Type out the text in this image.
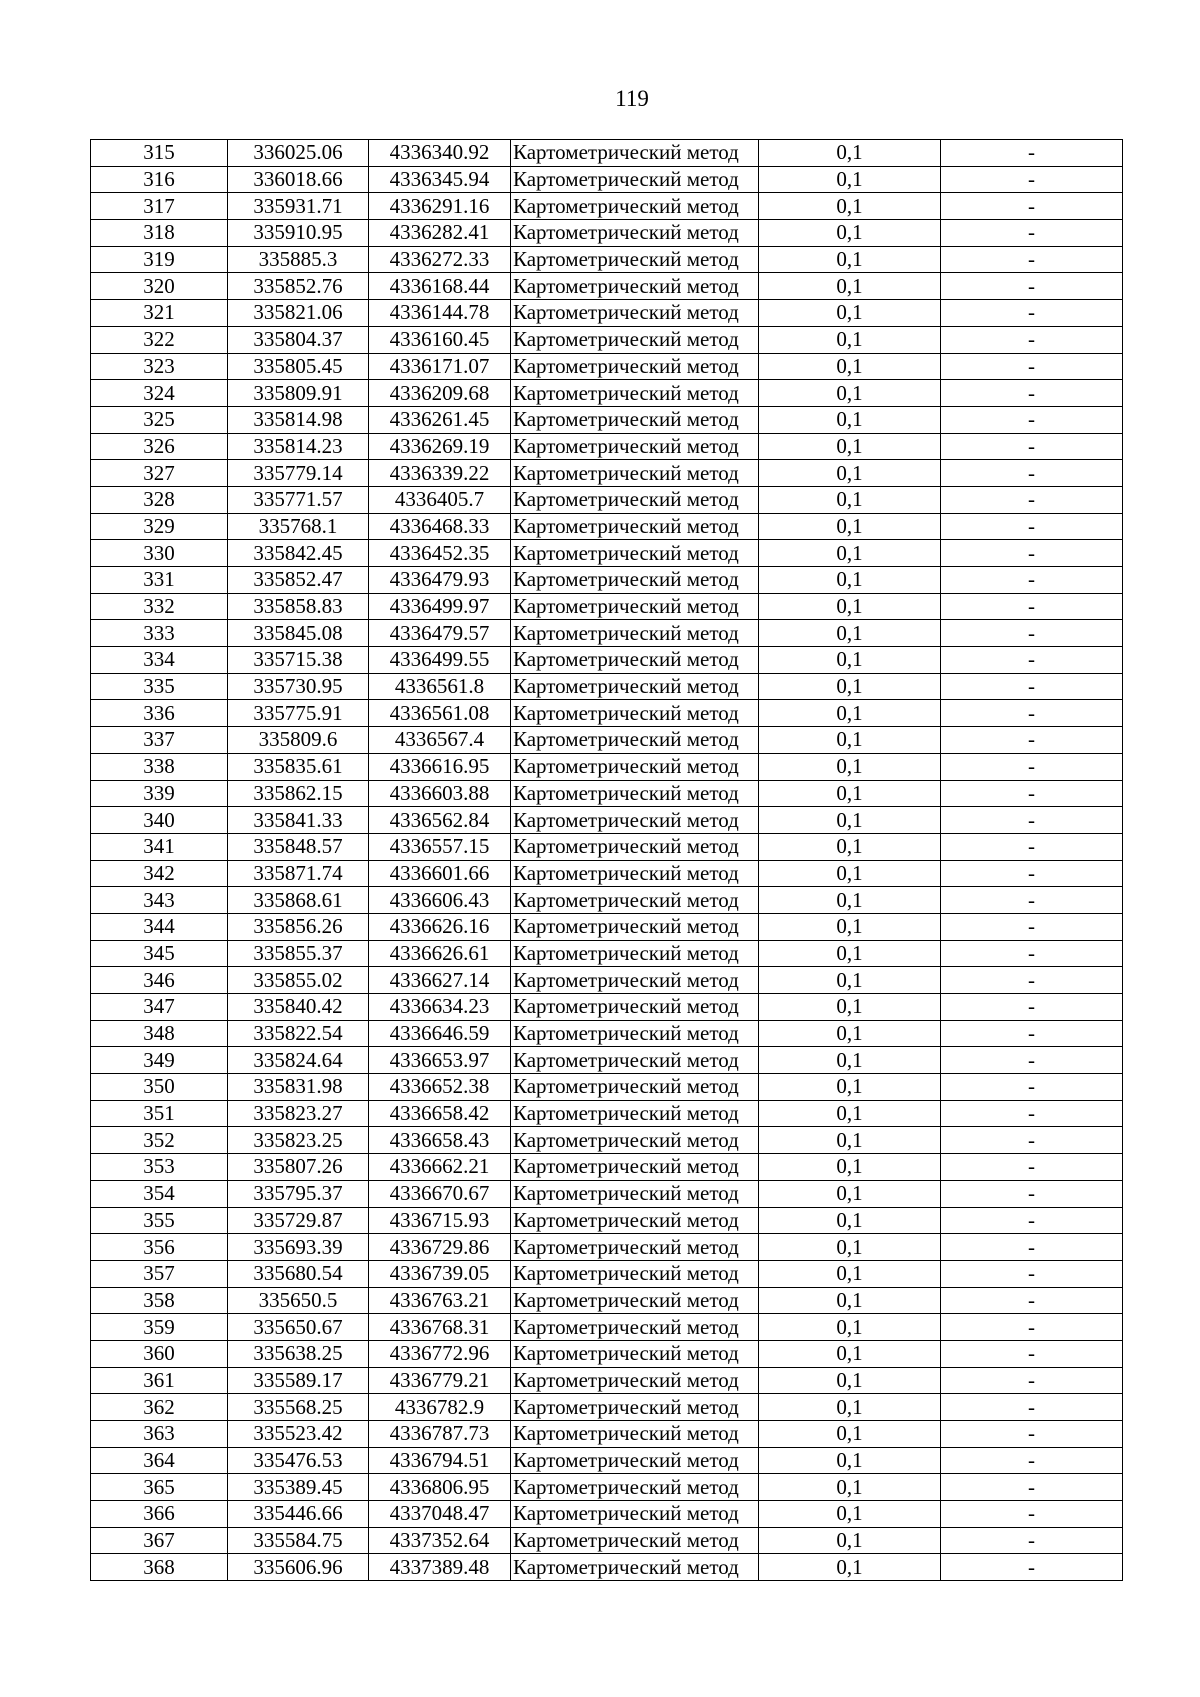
119
315	336025.06	4336340.92	Картометрический метод	0,1	-
316	336018.66	4336345.94	Картометрический метод	0,1	-
317	335931.71	4336291.16	Картометрический метод	0,1	-
318	335910.95	4336282.41	Картометрический метод	0,1	-
319	335885.3	4336272.33	Картометрический метод	0,1	-
320	335852.76	4336168.44	Картометрический метод	0,1	-
321	335821.06	4336144.78	Картометрический метод	0,1	-
322	335804.37	4336160.45	Картометрический метод	0,1	-
323	335805.45	4336171.07	Картометрический метод	0,1	-
324	335809.91	4336209.68	Картометрический метод	0,1	-
325	335814.98	4336261.45	Картометрический метод	0,1	-
326	335814.23	4336269.19	Картометрический метод	0,1	-
327	335779.14	4336339.22	Картометрический метод	0,1	-
328	335771.57	4336405.7	Картометрический метод	0,1	-
329	335768.1	4336468.33	Картометрический метод	0,1	-
330	335842.45	4336452.35	Картометрический метод	0,1	-
331	335852.47	4336479.93	Картометрический метод	0,1	-
332	335858.83	4336499.97	Картометрический метод	0,1	-
333	335845.08	4336479.57	Картометрический метод	0,1	-
334	335715.38	4336499.55	Картометрический метод	0,1	-
335	335730.95	4336561.8	Картометрический метод	0,1	-
336	335775.91	4336561.08	Картометрический метод	0,1	-
337	335809.6	4336567.4	Картометрический метод	0,1	-
338	335835.61	4336616.95	Картометрический метод	0,1	-
339	335862.15	4336603.88	Картометрический метод	0,1	-
340	335841.33	4336562.84	Картометрический метод	0,1	-
341	335848.57	4336557.15	Картометрический метод	0,1	-
342	335871.74	4336601.66	Картометрический метод	0,1	-
343	335868.61	4336606.43	Картометрический метод	0,1	-
344	335856.26	4336626.16	Картометрический метод	0,1	-
345	335855.37	4336626.61	Картометрический метод	0,1	-
346	335855.02	4336627.14	Картометрический метод	0,1	-
347	335840.42	4336634.23	Картометрический метод	0,1	-
348	335822.54	4336646.59	Картометрический метод	0,1	-
349	335824.64	4336653.97	Картометрический метод	0,1	-
350	335831.98	4336652.38	Картометрический метод	0,1	-
351	335823.27	4336658.42	Картометрический метод	0,1	-
352	335823.25	4336658.43	Картометрический метод	0,1	-
353	335807.26	4336662.21	Картометрический метод	0,1	-
354	335795.37	4336670.67	Картометрический метод	0,1	-
355	335729.87	4336715.93	Картометрический метод	0,1	-
356	335693.39	4336729.86	Картометрический метод	0,1	-
357	335680.54	4336739.05	Картометрический метод	0,1	-
358	335650.5	4336763.21	Картометрический метод	0,1	-
359	335650.67	4336768.31	Картометрический метод	0,1	-
360	335638.25	4336772.96	Картометрический метод	0,1	-
361	335589.17	4336779.21	Картометрический метод	0,1	-
362	335568.25	4336782.9	Картометрический метод	0,1	-
363	335523.42	4336787.73	Картометрический метод	0,1	-
364	335476.53	4336794.51	Картометрический метод	0,1	-
365	335389.45	4336806.95	Картометрический метод	0,1	-
366	335446.66	4337048.47	Картометрический метод	0,1	-
367	335584.75	4337352.64	Картометрический метод	0,1	-
368	335606.96	4337389.48	Картометрический метод	0,1	-
